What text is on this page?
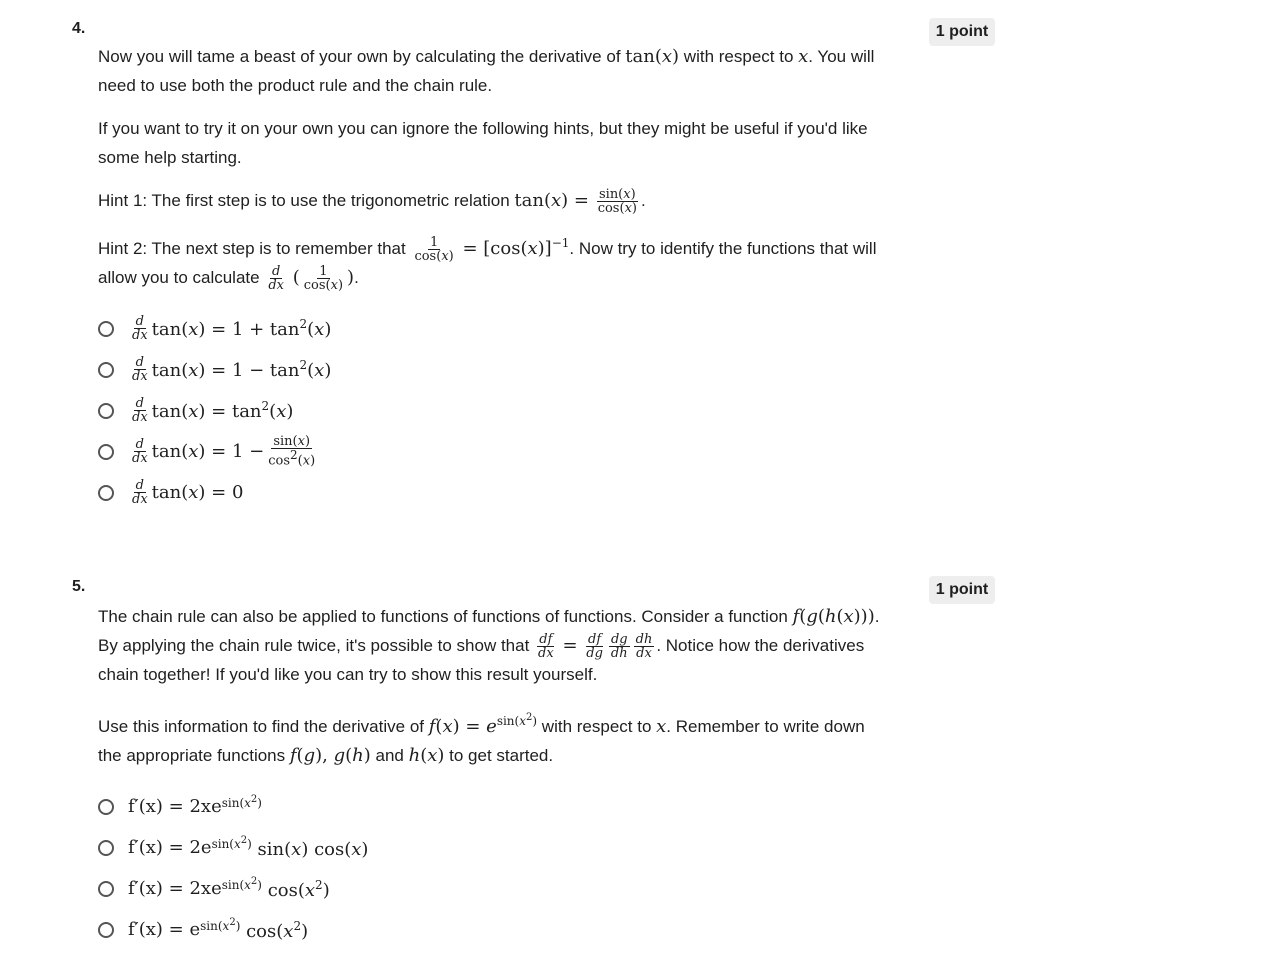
4.	1 point

Now you will tame a beast of your own by calculating the derivative of tan(x) with respect to x. You will need to use both the product rule and the chain rule.

If you want to try it on your own you can ignore the following hints, but they might be useful if you'd like some help starting.

Hint 1: The first step is to use the trigonometric relation $\tan(x) = \frac{\sin(x)}{\cos(x)}$ .

Hint 2: The next step is to remember that $\frac{1}{\cos(x)} = [\cos(x)]^{-1}$. Now try to identify the functions that will allow you to calculate $\frac{d}{dx}$ ( $\frac{1}{\cos(x)}$ ).

$\frac{d}{dx} \tan(x) = 1 + \tan^2(x)$
$\frac{d}{dx} \tan(x) = 1 - \tan^2(x)$
$\frac{d}{dx} \tan(x) = \tan^2(x)$
$\frac{d}{dx} \tan(x) = 1 - \frac{\sin(x)}{\cos^2(x)}$
$\frac{d}{dx} \tan(x) = 0$
5.	1 point

The chain rule can also be applied to functions of functions of functions. Consider a function f(g(h(x))). By applying the chain rule twice, it's possible to show that $\frac{df}{dx} = \frac{df}{dg} \frac{dg}{dh} \frac{dh}{dx}$ . Notice how the derivatives chain together! If you'd like you can try to show this result yourself.

Use this information to find the derivative of $f(x) = e^{sin(x^2)}$ with respect to x. Remember to write down the appropriate functions f(g), g(h) and h(x) to get started.

f′(x) = 2xe $^{sin(x^2)}$
f′(x) = 2e $^{sin(x^2)}$ sin(x) cos(x)
f′(x) = 2xe $^{sin(x^2)}$ $\cos(x^2)$
f′(x) = e $^{sin(x^2)}$ $\cos(x^2)$
